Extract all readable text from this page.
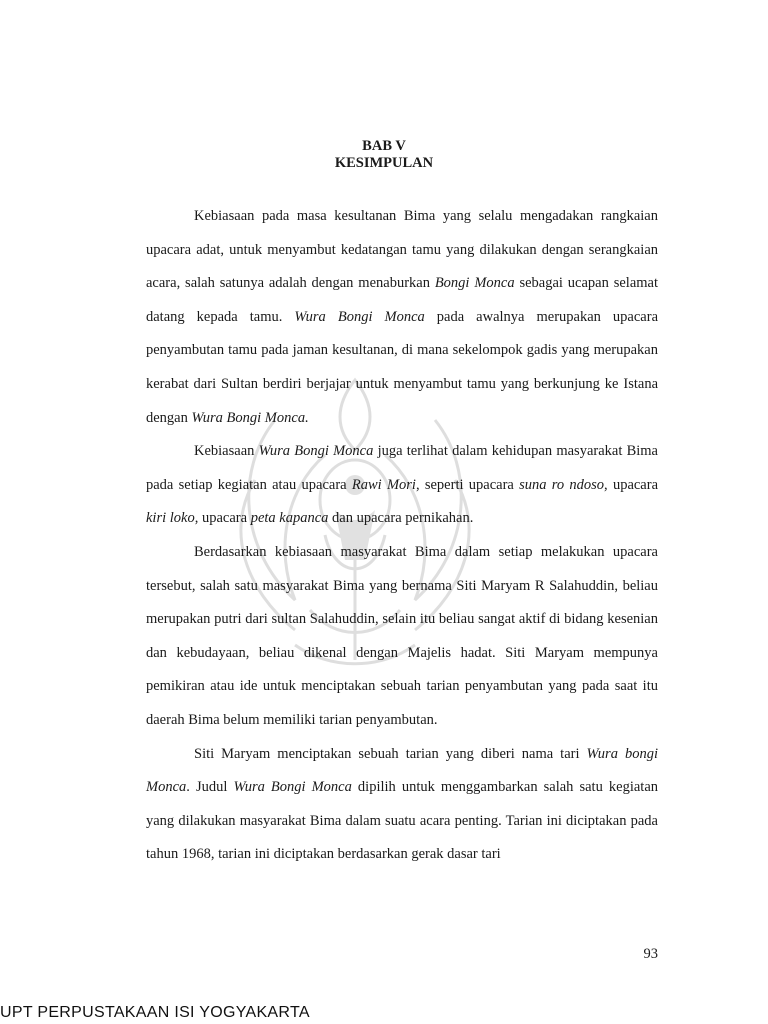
BAB V
KESIMPULAN

Kebiasaan pada masa kesultanan Bima yang selalu mengadakan rangkaian upacara adat, untuk menyambut kedatangan tamu yang dilakukan dengan serangkaian acara, salah satunya adalah dengan menaburkan Bongi Monca sebagai ucapan selamat datang kepada tamu. Wura Bongi Monca pada awalnya merupakan upacara penyambutan tamu pada jaman kesultanan, di mana sekelompok gadis yang merupakan kerabat dari Sultan berdiri berjajar untuk menyambut tamu yang berkunjung ke Istana dengan Wura Bongi Monca.

Kebiasaan Wura Bongi Monca juga terlihat dalam kehidupan masyarakat Bima pada setiap kegiatan atau upacara Rawi Mori, seperti upacara suna ro ndoso, upacara kiri loko, upacara peta kapanca dan upacara pernikahan.

Berdasarkan kebiasaan masyarakat Bima dalam setiap melakukan upacara tersebut, salah satu masyarakat Bima yang bernama Siti Maryam R Salahuddin, beliau merupakan putri dari sultan Salahuddin, selain itu beliau sangat aktif di bidang kesenian dan kebudayaan, beliau dikenal dengan Majelis hadat. Siti Maryam mempunya pemikiran atau ide untuk menciptakan sebuah tarian penyambutan yang pada saat itu daerah Bima belum memiliki tarian penyambutan.

Siti Maryam menciptakan sebuah tarian yang diberi nama tari Wura bongi Monca. Judul Wura Bongi Monca dipilih untuk menggambarkan salah satu kegiatan yang dilakukan masyarakat Bima dalam suatu acara penting. Tarian ini diciptakan pada tahun 1968, tarian ini diciptakan berdasarkan gerak dasar tari

93
UPT PERPUSTAKAAN ISI YOGYAKARTA
